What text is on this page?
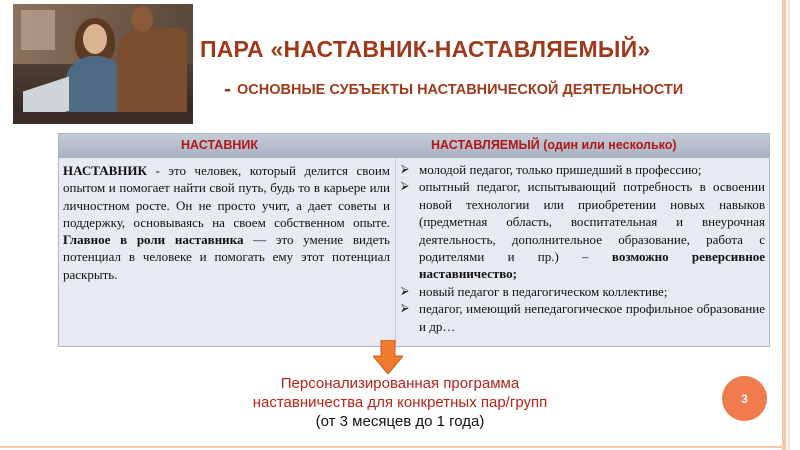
ПАРА «НАСТАВНИК-НАСТАВЛЯЕМЫЙ»
- ОСНОВНЫЕ СУБЪЕКТЫ НАСТАВНИЧЕСКОЙ ДЕЯТЕЛЬНОСТИ
НАСТАВНИК	НАСТАВЛЯЕМЫЙ (один или несколько)
НАСТАВНИК - это человек, который делится своим опытом и помогает найти свой путь, будь то в карьере или личностном росте. Он не просто учит, а дает советы и поддержку, основываясь на своем собственном опыте. Главное в роли наставника — это умение видеть потенциал в человеке и помогать ему этот потенциал раскрыть.
⮚ молодой педагог, только пришедший в профессию;
⮚ опытный педагог, испытывающий потребность в освоении новой технологии или приобретении новых навыков (предметная область, воспитательная и внеурочная деятельность, дополнительное образование, работа с родителями и пр.) – возможно реверсивное наставничество;
⮚ новый педагог в педагогическом коллективе;
⮚ педагог, имеющий непедагогическое профильное образование и др…
Персонализированная программа
наставничества для конкретных пар/групп
(от 3 месяцев до 1 года)
3
